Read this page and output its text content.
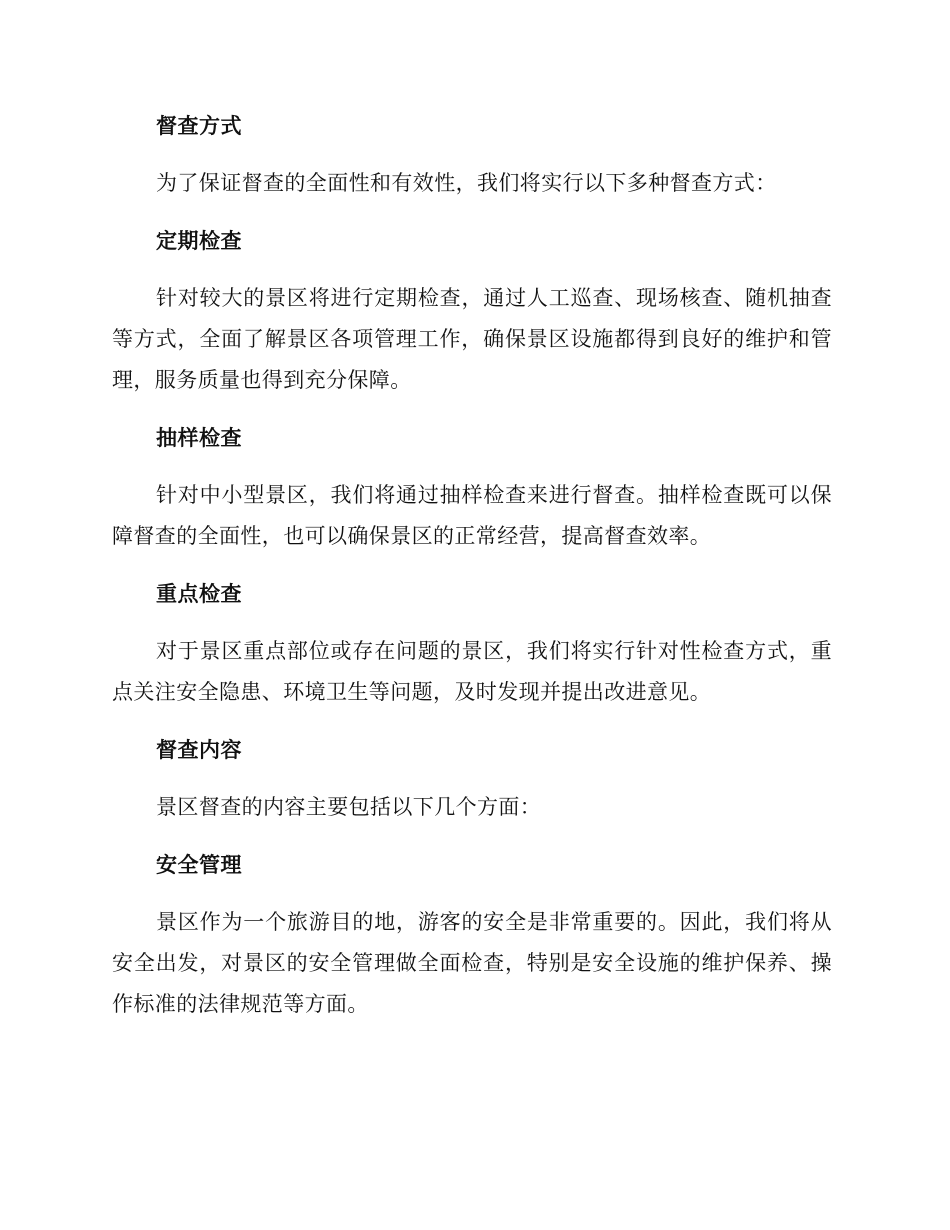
督查方式
为了保证督查的全面性和有效性，我们将实行以下多种督查方式：
定期检查
针对较大的景区将进行定期检查，通过人工巡查、现场核查、随机抽查等方式，全面了解景区各项管理工作，确保景区设施都得到良好的维护和管理，服务质量也得到充分保障。
抽样检查
针对中小型景区，我们将通过抽样检查来进行督查。抽样检查既可以保障督查的全面性，也可以确保景区的正常经营，提高督查效率。
重点检查
对于景区重点部位或存在问题的景区，我们将实行针对性检查方式，重点关注安全隐患、环境卫生等问题，及时发现并提出改进意见。
督查内容
景区督查的内容主要包括以下几个方面：
安全管理
景区作为一个旅游目的地，游客的安全是非常重要的。因此，我们将从安全出发，对景区的安全管理做全面检查，特别是安全设施的维护保养、操作标准的法律规范等方面。
